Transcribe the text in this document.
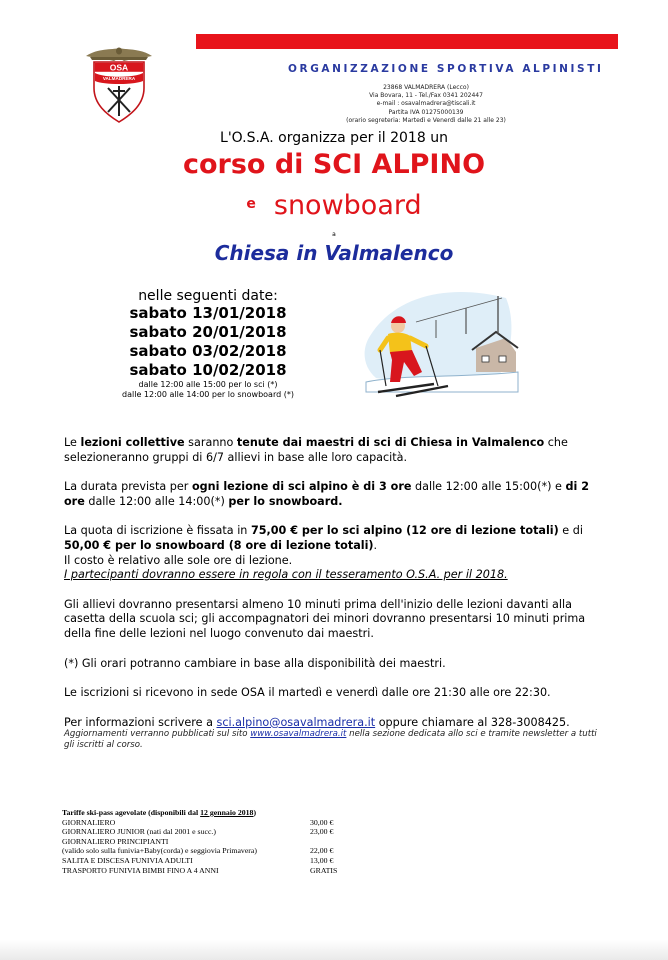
OSA
VALMADRERA
ORGANIZZAZIONE SPORTIVA ALPINISTI
23868 VALMADRERA (Lecco)
Via Bovara, 11 - Tel./Fax 0341 202447
e-mail : osavalmadrera@tiscali.it
Partita IVA 01275000139
(orario segreteria: Martedì e Venerdì dalle 21 alle 23)
L'O.S.A. organizza per il 2018 un
corso di SCI ALPINO
e snowboard
a
Chiesa in Valmalenco
nelle seguenti date:
sabato 13/01/2018
sabato 20/01/2018
sabato 03/02/2018
sabato 10/02/2018
dalle 12:00 alle 15:00 per lo sci (*)
dalle 12:00 alle 14:00 per lo snowboard (*)

Le lezioni collettive saranno tenute dai maestri di sci di Chiesa in Valmalenco che selezioneranno gruppi di 6/7 allievi in base alle loro capacità.

La durata prevista per ogni lezione di sci alpino è di 3 ore dalle 12:00 alle 15:00(*) e di 2 ore dalle 12:00 alle 14:00(*) per lo snowboard.

La quota di iscrizione è fissata in 75,00 € per lo sci alpino (12 ore di lezione totali) e di 50,00 € per lo snowboard (8 ore di lezione totali).
Il costo è relativo alle sole ore di lezione.
I partecipanti dovranno essere in regola con il tesseramento O.S.A. per il 2018.

Gli allievi dovranno presentarsi almeno 10 minuti prima dell'inizio delle lezioni davanti alla casetta della scuola sci; gli accompagnatori dei minori dovranno presentarsi 10 minuti prima della fine delle lezioni nel luogo convenuto dai maestri.

(*) Gli orari potranno cambiare in base alla disponibilità dei maestri.

Le iscrizioni si ricevono in sede OSA il martedì e venerdì dalle ore 21:30 alle ore 22:30.

Per informazioni scrivere a sci.alpino@osavalmadrera.it oppure chiamare al 328-3008425.

Aggiornamenti verranno pubblicati sul sito www.osavalmadrera.it nella sezione dedicata allo sci e tramite newsletter a tutti gli iscritti al corso.
Tariffe ski-pass agevolate (disponibili dal 12 gennaio 2018)
GIORNALIERO	30,00 €
GIORNALIERO JUNIOR (nati dal 2001 e succ.)	23,00 €
GIORNALIERO PRINCIPIANTI
(valido solo sulla funivia+Baby(corda) e seggiovia Primavera)	22,00 €
SALITA E DISCESA FUNIVIA ADULTI	13,00 €
TRASPORTO FUNIVIA BIMBI FINO A 4 ANNI	GRATIS
